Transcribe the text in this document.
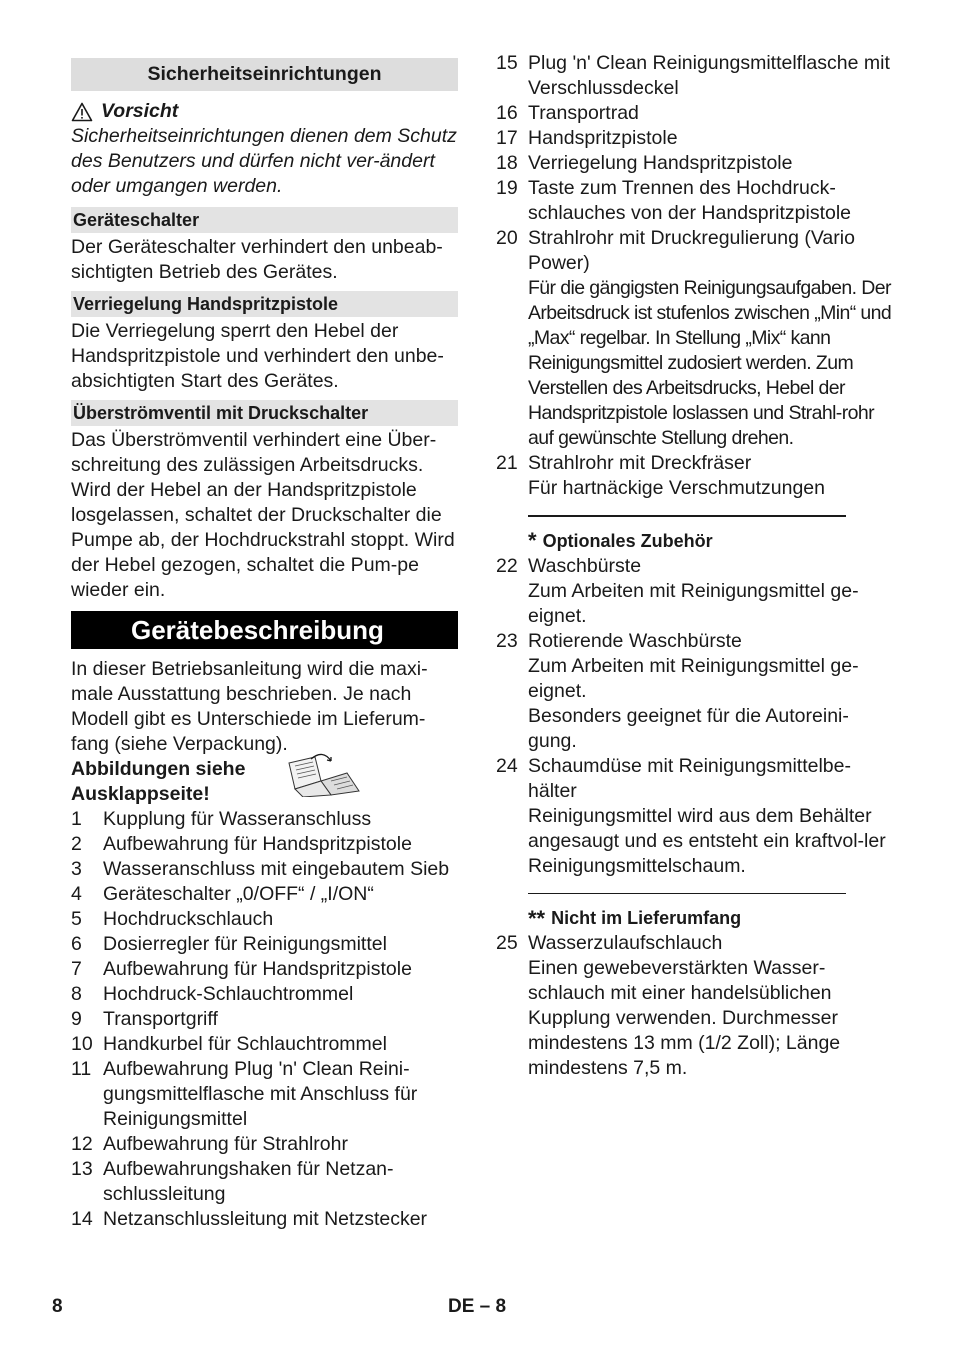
Sicherheitseinrichtungen
Vorsicht
Sicherheitseinrichtungen dienen dem Schutz des Benutzers und dürfen nicht ver-ändert oder umgangen werden.
Geräteschalter
Der Geräteschalter verhindert den unbeab-sichtigten Betrieb des Gerätes.
Verriegelung Handspritzpistole
Die Verriegelung sperrt den Hebel der Handspritzpistole und verhindert den unbe-absichtigten Start des Gerätes.
Überströmventil mit Druckschalter
Das Überströmventil verhindert eine Über-schreitung des zulässigen Arbeitsdrucks. Wird der Hebel an der Handspritzpistole losgelassen, schaltet der Druckschalter die Pumpe ab, der Hochdruckstrahl stoppt. Wird der Hebel gezogen, schaltet die Pum-pe wieder ein.
Gerätebeschreibung
In dieser Betriebsanleitung wird die maxi-male Ausstattung beschrieben. Je nach Modell gibt es Unterschiede im Lieferum-fang (siehe Verpackung).
Abbildungen siehe Ausklappseite!
1	Kupplung für Wasseranschluss
2	Aufbewahrung für Handspritzpistole
3	Wasseranschluss mit eingebautem Sieb
4	Geräteschalter „0/OFF“ / „I/ON“
5	Hochdruckschlauch
6	Dosierregler für Reinigungsmittel
7	Aufbewahrung für Handspritzpistole
8	Hochdruck-Schlauchtrommel
9	Transportgriff
10 Handkurbel für Schlauchtrommel
11 Aufbewahrung Plug 'n' Clean Reini-gungsmittelflasche mit Anschluss für Reinigungsmittel
12 Aufbewahrung für Strahlrohr
13 Aufbewahrungshaken für Netzan-schlussleitung
14 Netzanschlussleitung mit Netzstecker
15 Plug 'n' Clean Reinigungsmittelflasche mit Verschlussdeckel
16 Transportrad
17 Handspritzpistole
18 Verriegelung Handspritzpistole
19 Taste zum Trennen des Hochdruck-schlauches von der Handspritzpistole
20 Strahlrohr mit Druckregulierung (Vario Power)
Für die gängigsten Reinigungsaufgaben. Der Arbeitsdruck ist stufenlos zwischen „Min“ und „Max“ regelbar. In Stellung „Mix“ kann Reinigungsmittel zudosiert werden. Zum Verstellen des Arbeitsdrucks, Hebel der Handspritzpistole loslassen und Strahl-rohr auf gewünschte Stellung drehen.
21 Strahlrohr mit Dreckfräser
Für hartnäckige Verschmutzungen
* Optionales Zubehör
22 Waschbürste
Zum Arbeiten mit Reinigungsmittel ge-eignet.
23 Rotierende Waschbürste
Zum Arbeiten mit Reinigungsmittel ge-eignet.
Besonders geeignet für die Autoreini-gung.
24 Schaumdüse mit Reinigungsmittelbe-hälter
Reinigungsmittel wird aus dem Behälter angesaugt und es entsteht ein kraftvol-ler Reinigungsmittelschaum.
** Nicht im Lieferumfang
25 Wasserzulaufschlauch
Einen gewebeverstärkten Wasser-schlauch mit einer handelsüblichen Kupplung verwenden. Durchmesser mindestens 13 mm (1/2 Zoll); Länge mindestens 7,5 m.
8	DE – 8
